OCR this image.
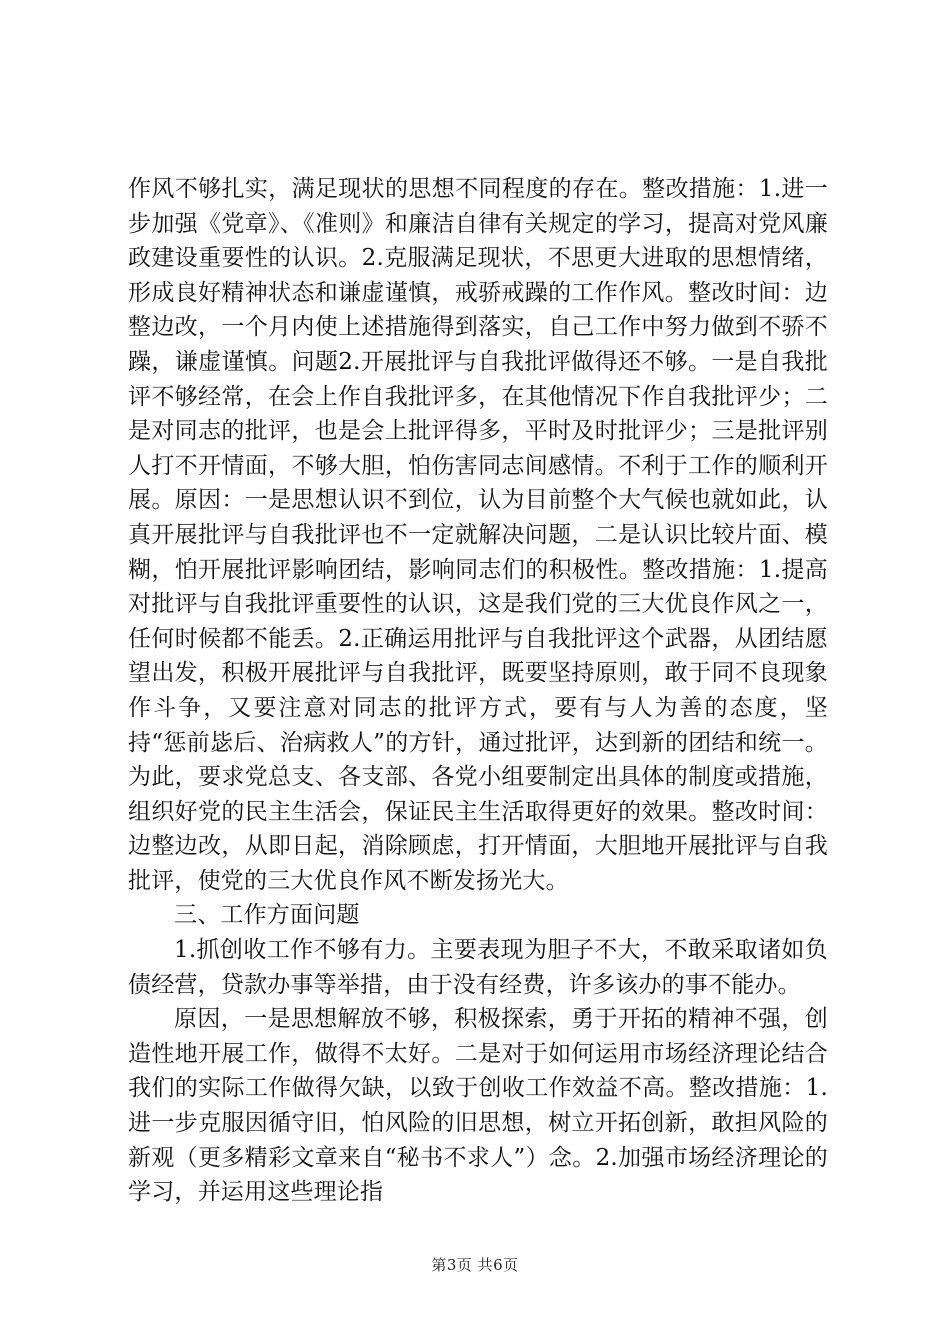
作风不够扎实，满足现状的思想不同程度的存在。整改措施：1.进一步加强《党章》、《准则》和廉洁自律有关规定的学习，提高对党风廉政建设重要性的认识。2.克服满足现状，不思更大进取的思想情绪，形成良好精神状态和谦虚谨慎，戒骄戒躁的工作作风。整改时间：边整边改，一个月内使上述措施得到落实，自己工作中努力做到不骄不躁，谦虚谨慎。问题2.开展批评与自我批评做得还不够。一是自我批评不够经常，在会上作自我批评多，在其他情况下作自我批评少；二是对同志的批评，也是会上批评得多，平时及时批评少；三是批评别人打不开情面，不够大胆，怕伤害同志间感情。不利于工作的顺利开展。原因：一是思想认识不到位，认为目前整个大气候也就如此，认真开展批评与自我批评也不一定就解决问题，二是认识比较片面、模糊，怕开展批评影响团结，影响同志们的积极性。整改措施：1.提高对批评与自我批评重要性的认识，这是我们党的三大优良作风之一，任何时候都不能丢。2.正确运用批评与自我批评这个武器，从团结愿望出发，积极开展批评与自我批评，既要坚持原则，敢于同不良现象作斗争，又要注意对同志的批评方式，要有与人为善的态度，坚持“惩前毖后、治病救人”的方针，通过批评，达到新的团结和统一。为此，要求党总支、各支部、各党小组要制定出具体的制度或措施，组织好党的民主生活会，保证民主生活取得更好的效果。整改时间：边整边改，从即日起，消除顾虑，打开情面，大胆地开展批评与自我批评，使党的三大优良作风不断发扬光大。

三、工作方面问题

1.抓创收工作不够有力。主要表现为胆子不大，不敢采取诸如负债经营，贷款办事等举措，由于没有经费，许多该办的事不能办。

原因，一是思想解放不够，积极探索，勇于开拓的精神不强，创造性地开展工作，做得不太好。二是对于如何运用市场经济理论结合我们的实际工作做得欠缺，以致于创收工作效益不高。整改措施：1.进一步克服因循守旧，怕风险的旧思想，树立开拓创新，敢担风险的新观（更多精彩文章来自“秘书不求人”）念。2.加强市场经济理论的学习，并运用这些理论指

第3页 共6页
